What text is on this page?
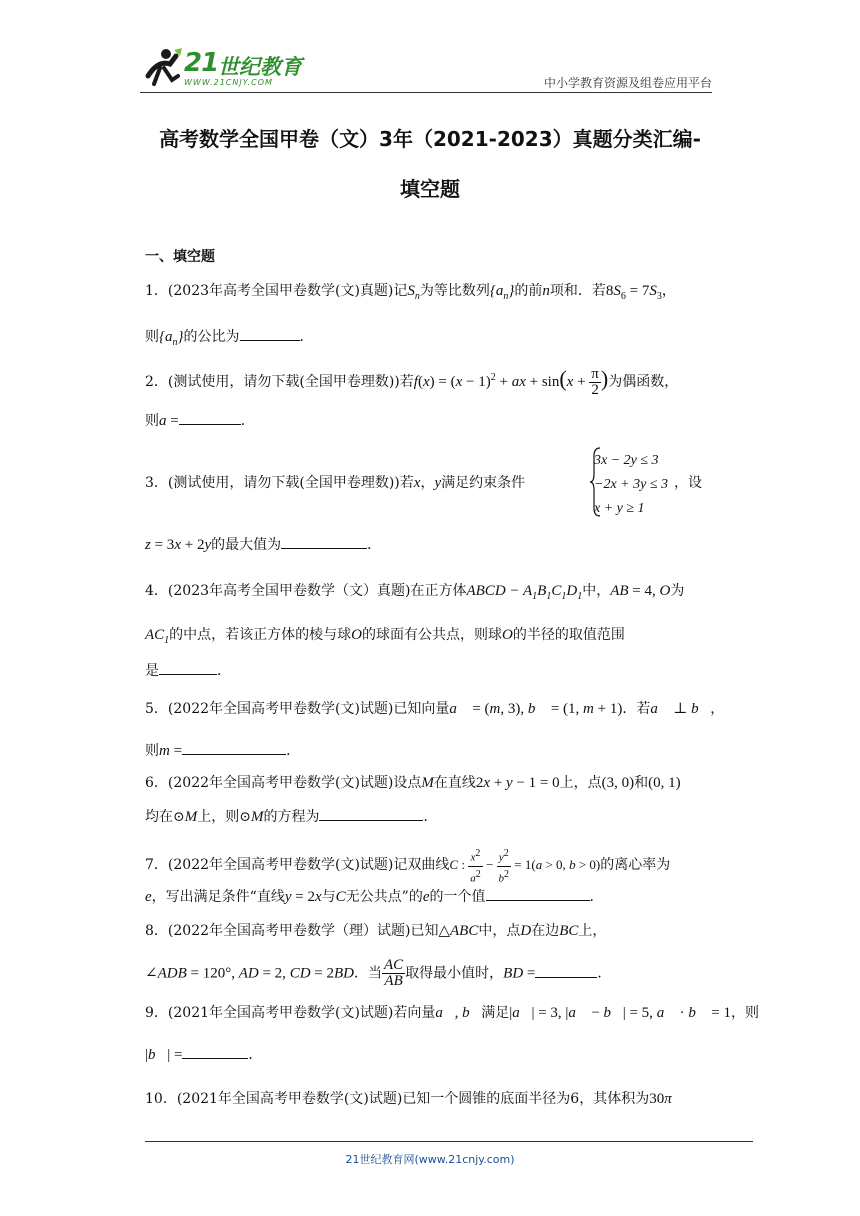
21 世纪教育
WWW.21CNJY.COM	中小学教育资源及组卷应用平台
高考数学全国甲卷（文）3年（2021-2023）真题分类汇编-
填空题
一、填空题
1．(2023年高考全国甲卷数学(文)真题)记$S_n$为等比数列$\{a_n\}$的前n项和．若$8S_6 = 7S_3$，
则$\{a_n\}$的公比为	．
2．(测试使用，请勿下载(全国甲卷理数))若$f(x) = (x - 1)^2$ + ax + $\sin(x + \frac{\pi}{2}$ )为偶函数，
则a =	．
3．(测试使用，请勿下载(全国甲卷理数))若x，y满足约束条件
3x − 2y ≤ 3
−2x + 3y ≤ 3
x + y ≥ 1
，设
z = 3x + 2y的最大值为	．
4．(2023年高考全国甲卷数学（文）真题)在正方体ABCD − $A_1B_1C_1D_1$中，AB = 4, O为
$AC_1$的中点，若该正方体的棱与球O的球面有公共点，则球O的半径的取值范围
是	．
5．(2022年全国高考甲卷数学(文)试题)已知向量a⃗ = (m, 3), b⃗ = (1, m + 1)．若a⃗ ⊥ b⃗，
则m =	．
6．(2022年全国高考甲卷数学(文)试题)设点M在直线2x + y − 1 = 0上，点(3, 0)和(0, 1)
均在⊙M上，则⊙M的方程为	．
7．(2022年全国高考甲卷数学(文)试题)记双曲线C : $\frac{x^2}{a^2} - \frac{y^2}{b^2} = 1(a > 0$, b > 0)的离心率为
e，写出满足条件“直线y = 2x与C无公共点”的e的一个值	．
8．(2022年全国高考甲卷数学（理）试题)已知△ABC中，点D在边BC上，
∠ADB = 120°, AD = 2, CD = 2BD．当 $\frac{AC}{AB}$ 取得最小值时，BD =	．
9．(2021年全国高考甲卷数学(文)试题)若向量a⃗, b⃗满足|a⃗| = 3, |a⃗ − b⃗| = 5, a⃗ · b⃗ = 1，则
|b⃗| =	．
10．(2021年全国高考甲卷数学(文)试题)已知一个圆锥的底面半径为6，其体积为30π
21世纪教育网(www.21cnjy.com)
